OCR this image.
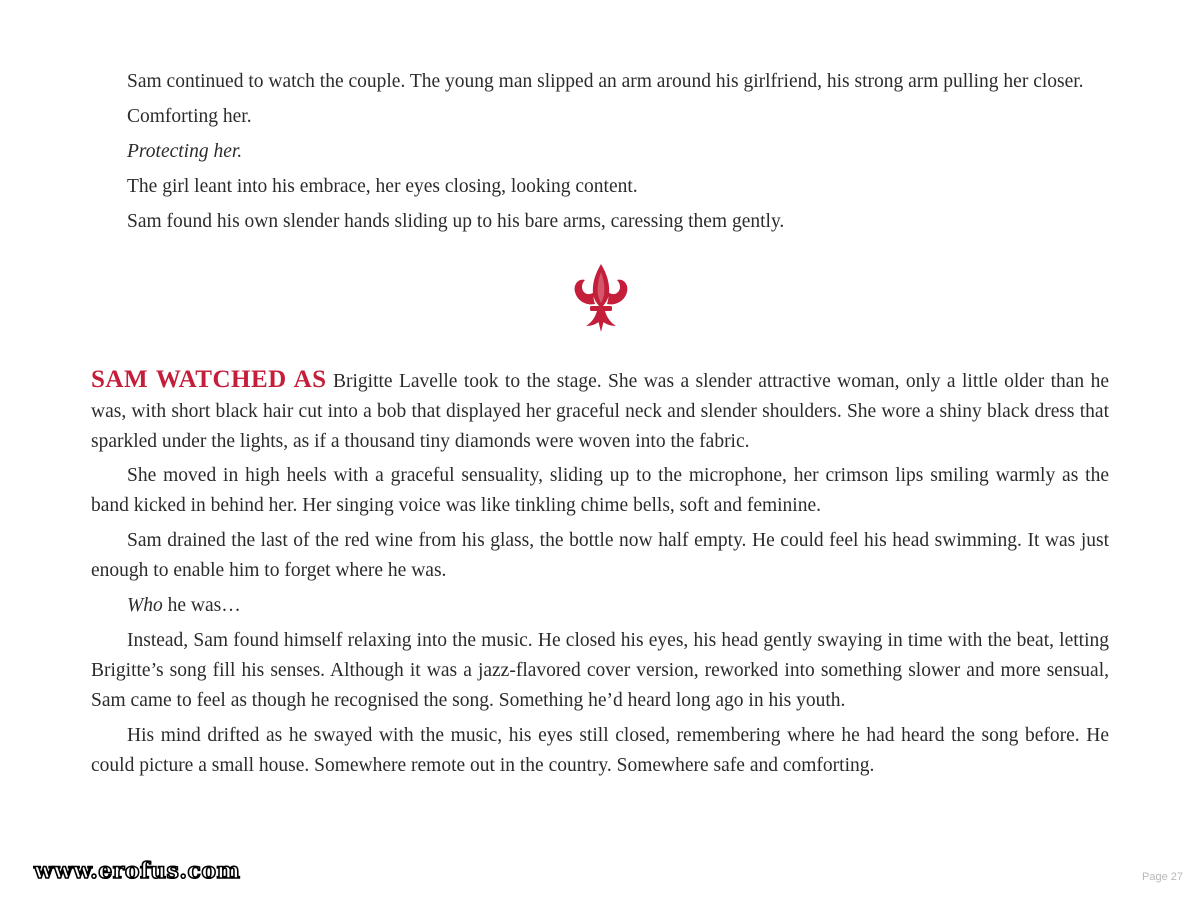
Sam continued to watch the couple. The young man slipped an arm around his girlfriend, his strong arm pulling her closer.

Comforting her.

Protecting her.

The girl leant into his embrace, her eyes closing, looking content.

Sam found his own slender hands sliding up to his bare arms, caressing them gently.

SAM WATCHED AS Brigitte Lavelle took to the stage. She was a slender attractive woman, only a little older than he was, with short black hair cut into a bob that displayed her graceful neck and slender shoulders. She wore a shiny black dress that sparkled under the lights, as if a thousand tiny diamonds were woven into the fabric.

She moved in high heels with a graceful sensuality, sliding up to the microphone, her crimson lips smiling warmly as the band kicked in behind her. Her singing voice was like tinkling chime bells, soft and feminine.

Sam drained the last of the red wine from his glass, the bottle now half empty. He could feel his head swimming. It was just enough to enable him to forget where he was.

Who he was…

Instead, Sam found himself relaxing into the music. He closed his eyes, his head gently swaying in time with the beat, letting Brigitte’s song fill his senses. Although it was a jazz-flavored cover version, reworked into something slower and more sensual, Sam came to feel as though he recognised the song. Something he’d heard long ago in his youth.

His mind drifted as he swayed with the music, his eyes still closed, remembering where he had heard the song before. He could picture a small house. Somewhere remote out in the country. Somewhere safe and comforting.

www.erofus.com	Page 27
